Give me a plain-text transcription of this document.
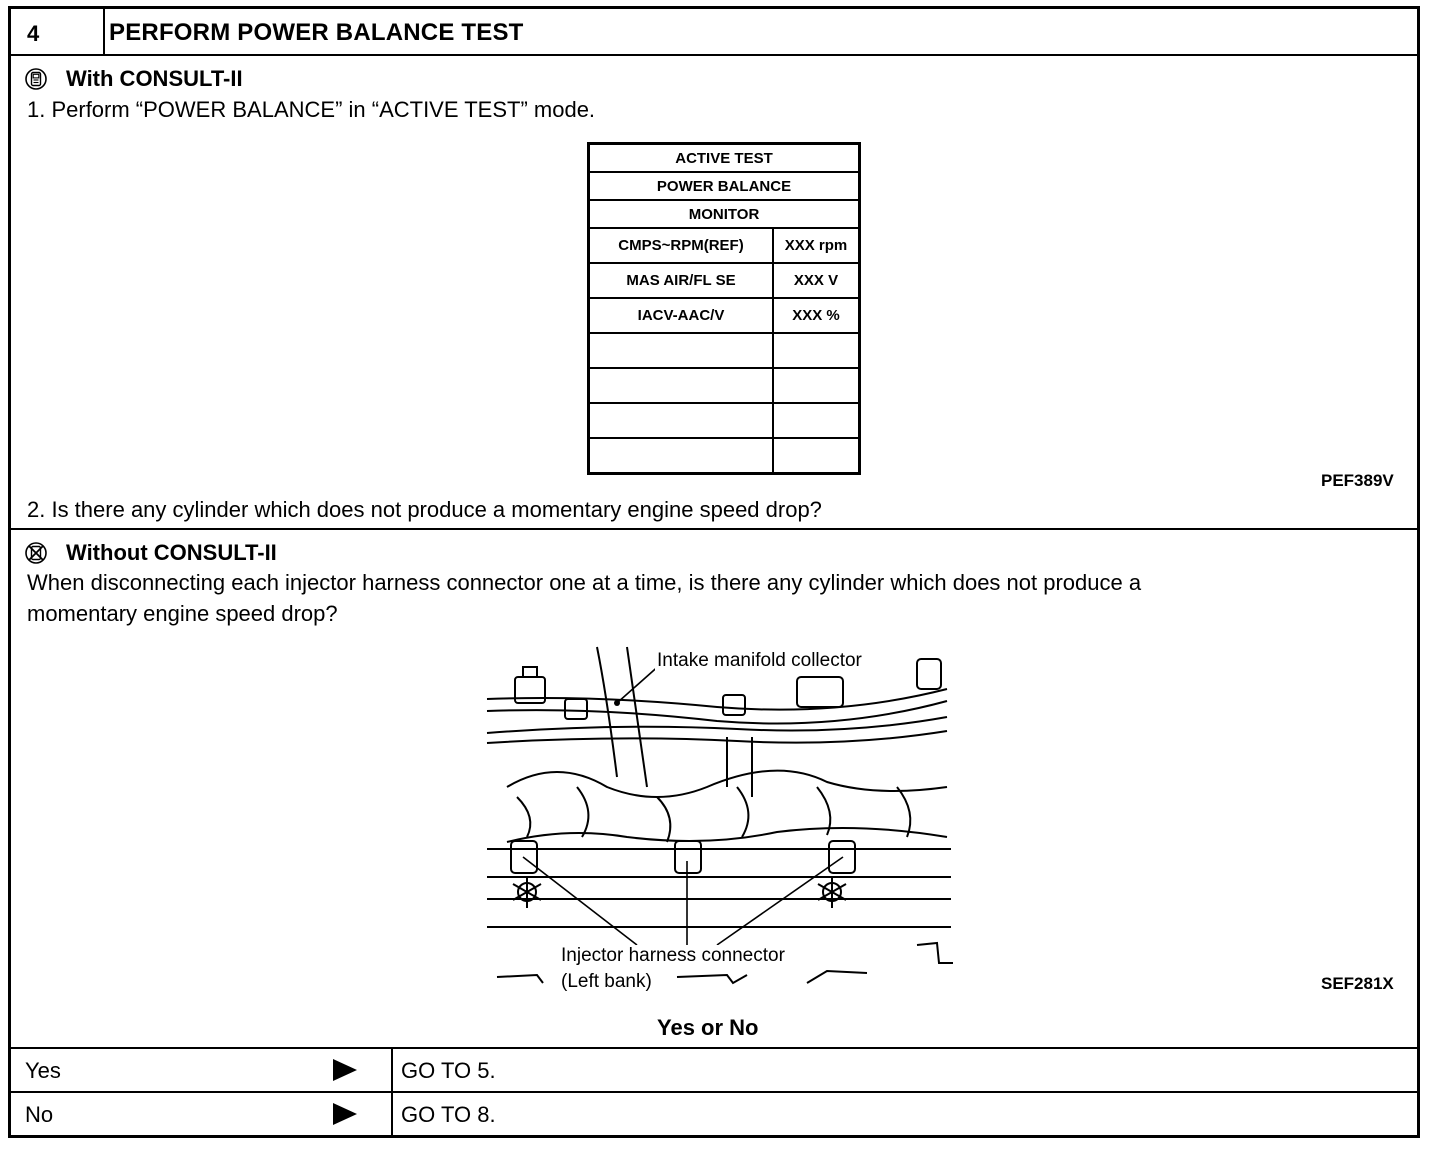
4	PERFORM POWER BALANCE TEST
With CONSULT-II
1. Perform “POWER BALANCE” in “ACTIVE TEST” mode.
ACTIVE TEST	
POWER BALANCE	
MONITOR	
CMPS~RPM(REF)	XXX rpm
MAS AIR/FL SE	XXX V
IACV-AAC/V	XXX %

PEF389V
2. Is there any cylinder which does not produce a momentary engine speed drop?
Without CONSULT-II
When disconnecting each injector harness connector one at a time, is there any cylinder which does not produce a
momentary engine speed drop?
Intake manifold collector
Injector harness connector
(Left bank)	SEF281X
Yes or No
Yes	GO TO 5.
No	GO TO 8.
